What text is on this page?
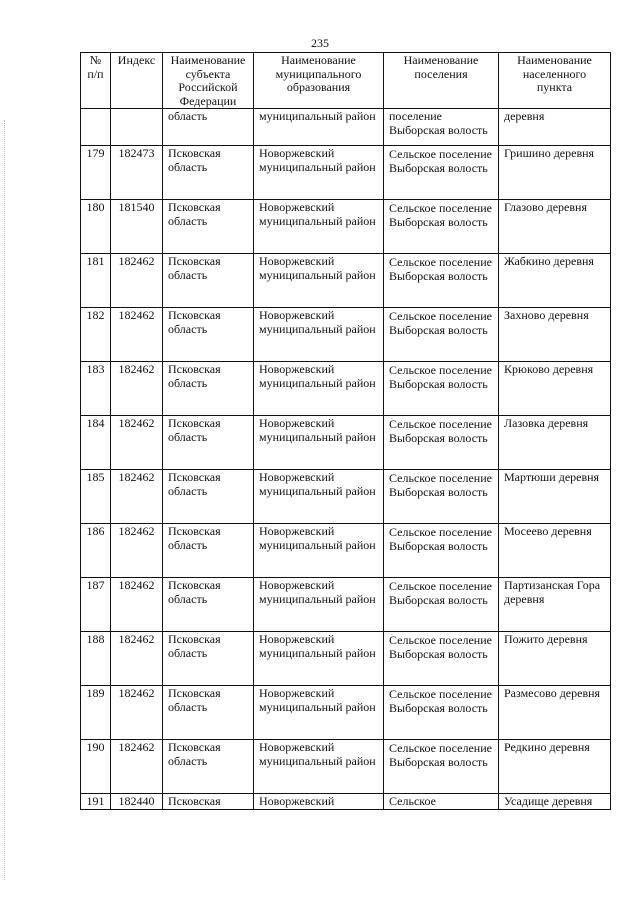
235
№ п/п	Индекс	Наименование субъекта Российской Федерации	Наименование муниципального образования	Наименование поселения	Наименование населенного пункта
		область	муниципальный район	поселение Выборская волость	деревня
179	182473	Псковская область	Новоржевский муниципальный район	Сельское поселение Выборская волость	Гришино деревня
180	181540	Псковская область	Новоржевский муниципальный район	Сельское поселение Выборская волость	Глазово деревня
181	182462	Псковская область	Новоржевский муниципальный район	Сельское поселение Выборская волость	Жабкино деревня
182	182462	Псковская область	Новоржевский муниципальный район	Сельское поселение Выборская волость	Захново деревня
183	182462	Псковская область	Новоржевский муниципальный район	Сельское поселение Выборская волость	Крюково деревня
184	182462	Псковская область	Новоржевский муниципальный район	Сельское поселение Выборская волость	Лазовка деревня
185	182462	Псковская область	Новоржевский муниципальный район	Сельское поселение Выборская волость	Мартюши деревня
186	182462	Псковская область	Новоржевский муниципальный район	Сельское поселение Выборская волость	Мосеево деревня
187	182462	Псковская область	Новоржевский муниципальный район	Сельское поселение Выборская волость	Партизанская Гора деревня
188	182462	Псковская область	Новоржевский муниципальный район	Сельское поселение Выборская волость	Пожито деревня
189	182462	Псковская область	Новоржевский муниципальный район	Сельское поселение Выборская волость	Размесово деревня
190	182462	Псковская область	Новоржевский муниципальный район	Сельское поселение Выборская волость	Редкино деревня
191	182440	Псковская	Новоржевский	Сельское	Усадище деревня
